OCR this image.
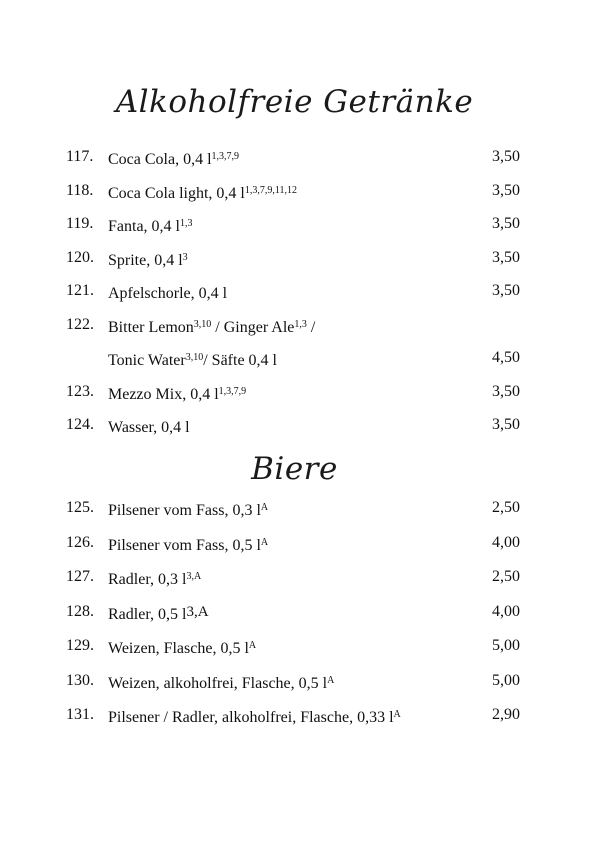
Alkoholfreie Getränke
117. Coca Cola, 0,4 $l^{1,3,7,9}$	3,50
118. Coca Cola light, 0,4 $l^{1,3,7,9,11,12}$	3,50
119. Fanta, 0,4 $l^{1,3}$	3,50
120. Sprite, 0,4 $l^3$	3,50
121. Apfelschorle, 0,4 l	3,50
122. Bitter Lemon$^{3,10}$ / Ginger Ale$^{1,3}$ /
Tonic Water$^{3,10}$/ Säfte 0,4 l	4,50
123. Mezzo Mix, 0,4 $l^{1,3,7,9}$	3,50
124. Wasser, 0,4 l	3,50
Biere
125. Pilsener vom Fass, 0,3 $l^A$	2,50
126. Pilsener vom Fass, 0,5 $l^A$	4,00
127. Radler, 0,3 $l^{3,A}$	2,50
128. Radler, 0,5 l3,A	4,00
129. Weizen, Flasche, 0,5 $l^A$	5,00
130. Weizen, alkoholfrei, Flasche, 0,5 $l^A$	5,00
131. Pilsener / Radler, alkoholfrei, Flasche, 0,33 $l^A$	2,90
